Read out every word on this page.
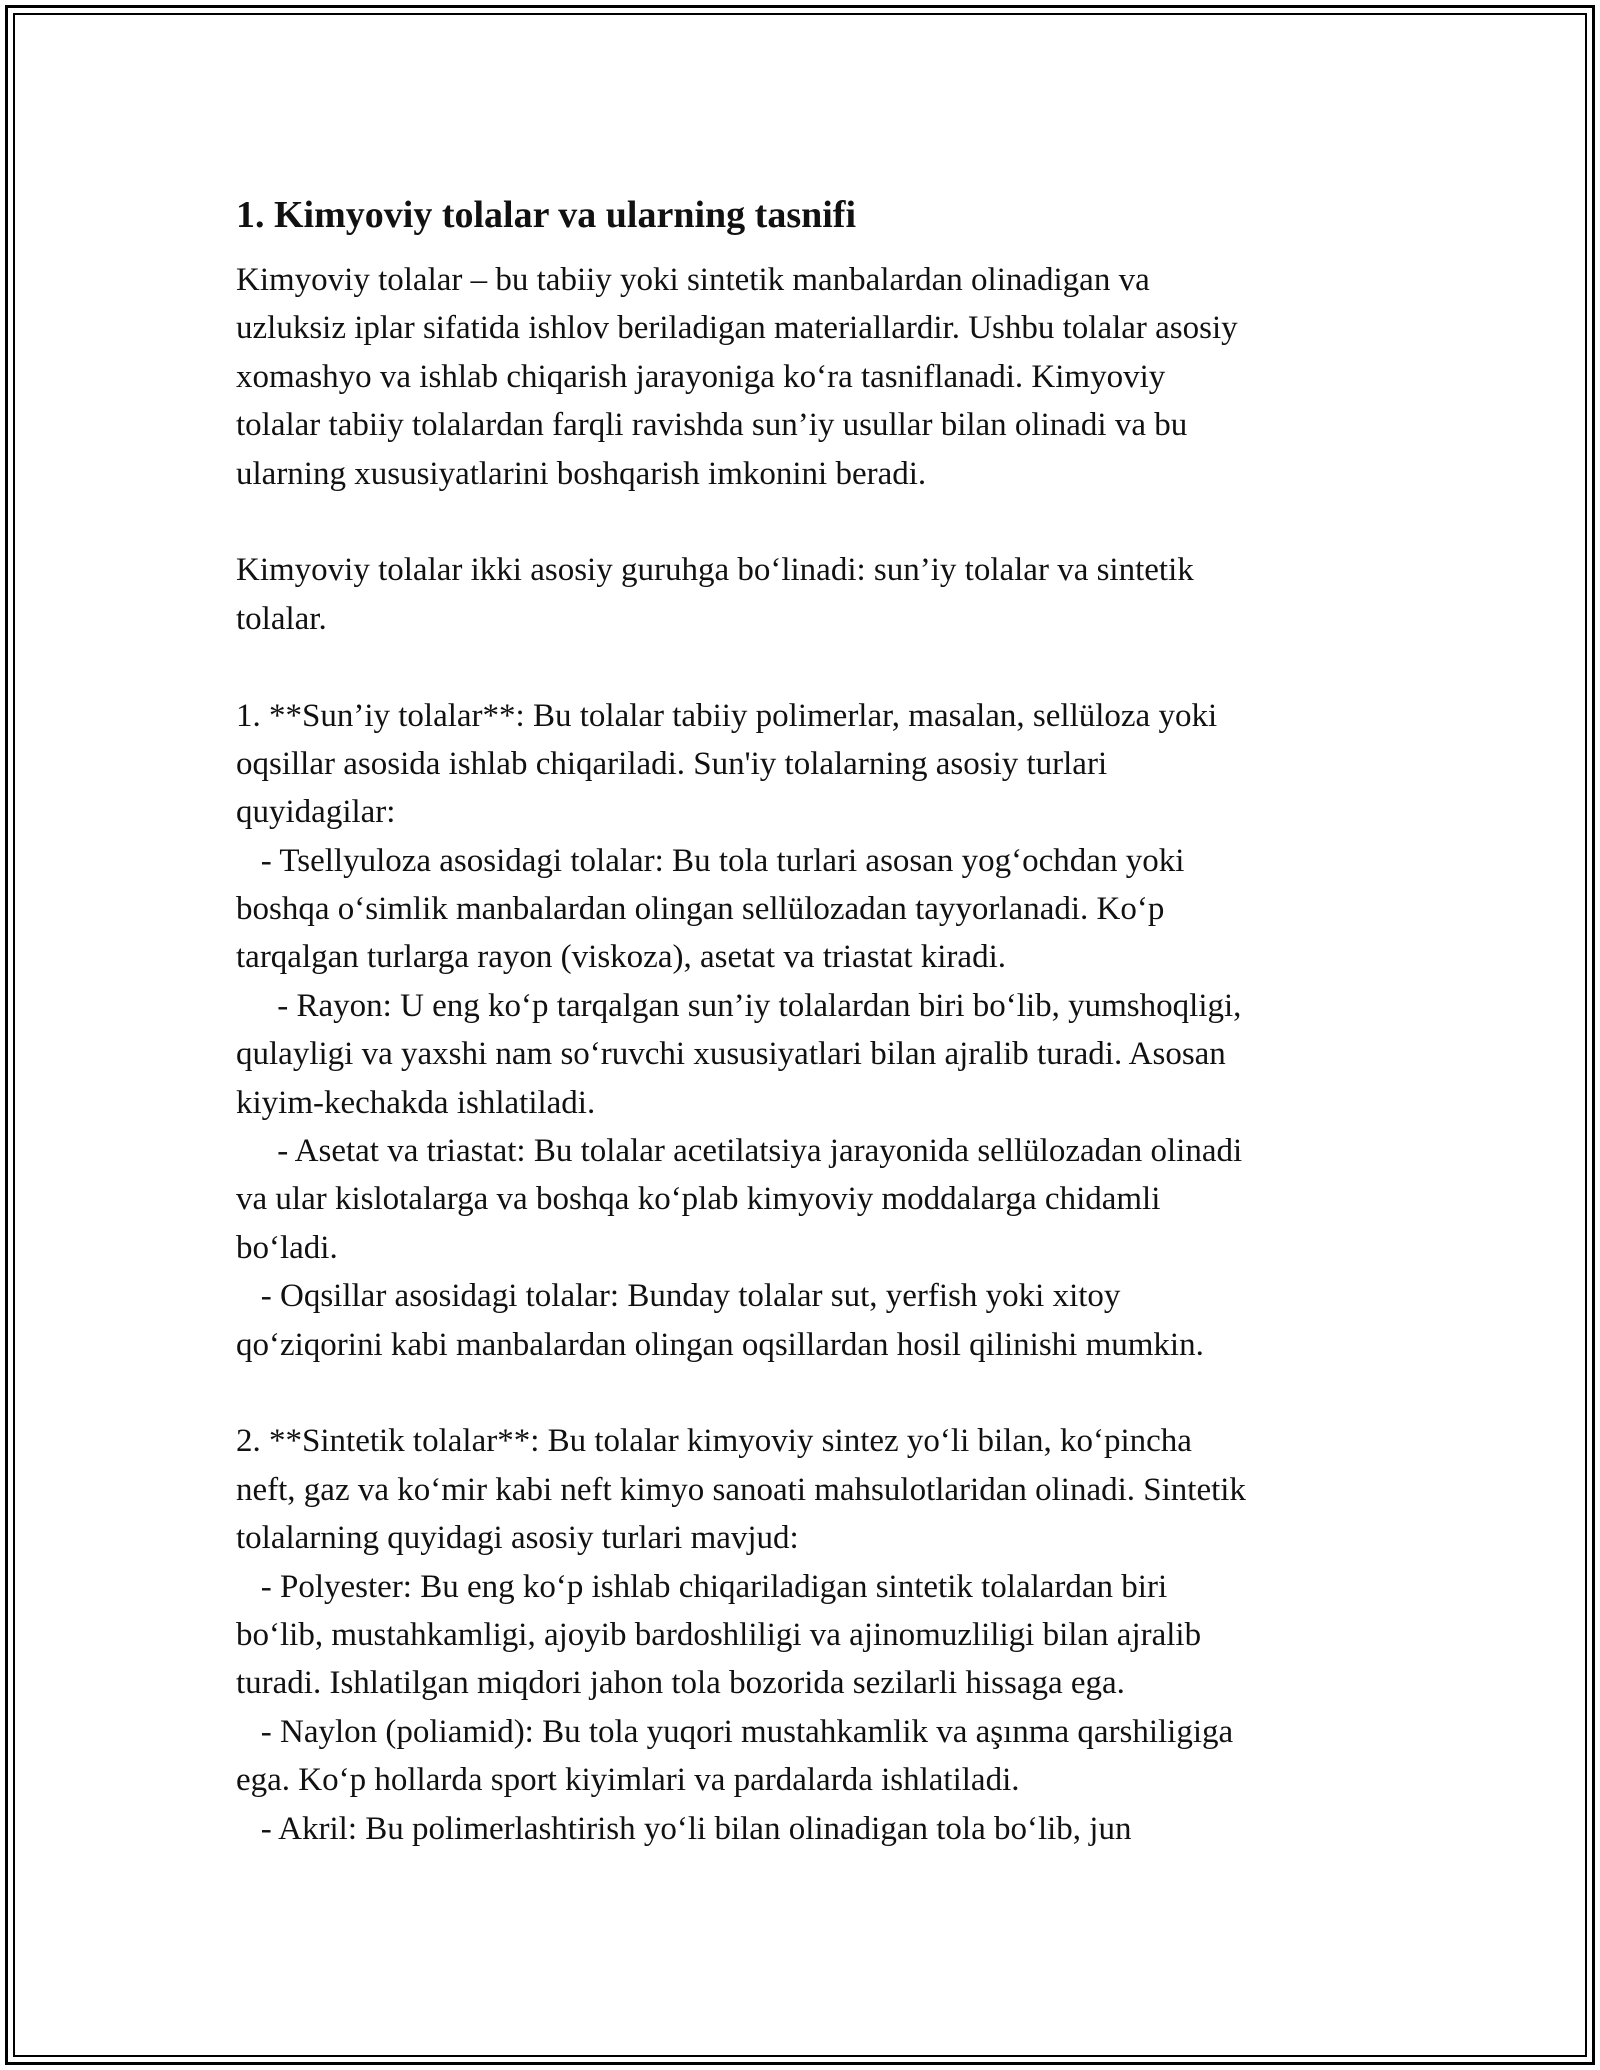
1. Kimyoviy tolalar va ularning tasnifi
Kimyoviy tolalar – bu tabiiy yoki sintetik manbalardan olinadigan va
uzluksiz iplar sifatida ishlov beriladigan materiallardir. Ushbu tolalar asosiy
xomashyo va ishlab chiqarish jarayoniga ko‘ra tasniflanadi. Kimyoviy
tolalar tabiiy tolalardan farqli ravishda sun’iy usullar bilan olinadi va bu
ularning xususiyatlarini boshqarish imkonini beradi.
Kimyoviy tolalar ikki asosiy guruhga bo‘linadi: sun’iy tolalar va sintetik
tolalar.
1. **Sun’iy tolalar**: Bu tolalar tabiiy polimerlar, masalan, sellüloza yoki
oqsillar asosida ishlab chiqariladi. Sun'iy tolalarning asosiy turlari
quyidagilar:
- Tsellyuloza asosidagi tolalar: Bu tola turlari asosan yog‘ochdan yoki
boshqa o‘simlik manbalardan olingan sellülozadan tayyorlanadi. Ko‘p
tarqalgan turlarga rayon (viskoza), asetat va triastat kiradi.
- Rayon: U eng ko‘p tarqalgan sun’iy tolalardan biri bo‘lib, yumshoqligi,
qulayligi va yaxshi nam so‘ruvchi xususiyatlari bilan ajralib turadi. Asosan
kiyim-kechakda ishlatiladi.
- Asetat va triastat: Bu tolalar acetilatsiya jarayonida sellülozadan olinadi
va ular kislotalarga va boshqa ko‘plab kimyoviy moddalarga chidamli
bo‘ladi.
- Oqsillar asosidagi tolalar: Bunday tolalar sut, yerfish yoki xitoy
qo‘ziqorini kabi manbalardan olingan oqsillardan hosil qilinishi mumkin.
2. **Sintetik tolalar**: Bu tolalar kimyoviy sintez yo‘li bilan, ko‘pincha
neft, gaz va ko‘mir kabi neft kimyo sanoati mahsulotlaridan olinadi. Sintetik
tolalarning quyidagi asosiy turlari mavjud:
- Polyester: Bu eng ko‘p ishlab chiqariladigan sintetik tolalardan biri
bo‘lib, mustahkamligi, ajoyib bardoshliligi va ajinomuzliligi bilan ajralib
turadi. Ishlatilgan miqdori jahon tola bozorida sezilarli hissaga ega.
- Naylon (poliamid): Bu tola yuqori mustahkamlik va aşınma qarshiligiga
ega. Ko‘p hollarda sport kiyimlari va pardalarda ishlatiladi.
- Akril: Bu polimerlashtirish yo‘li bilan olinadigan tola bo‘lib, jun
